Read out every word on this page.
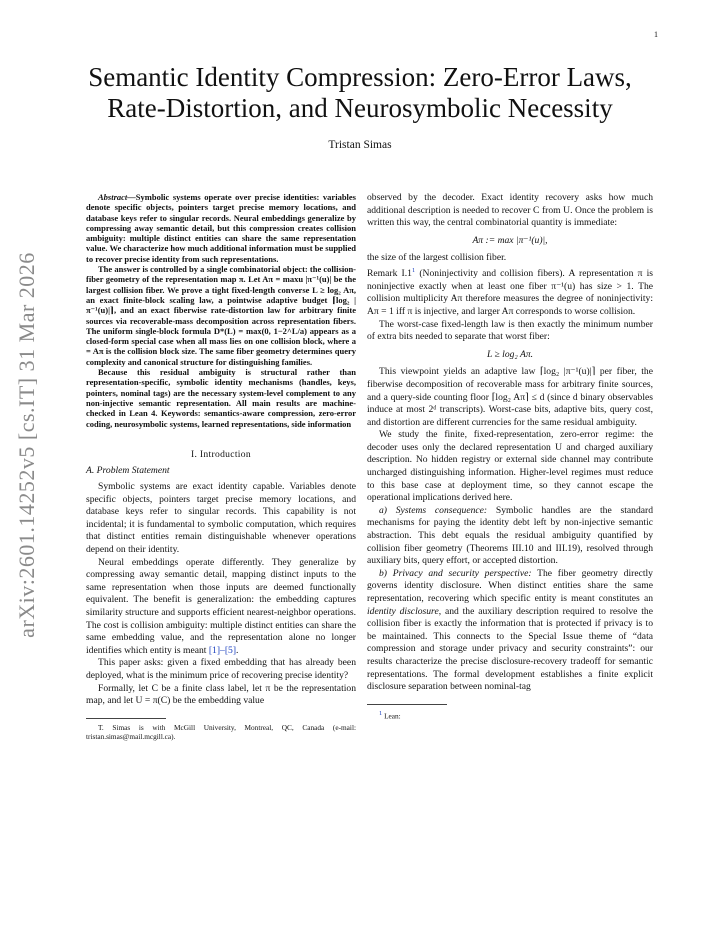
1
arXiv:2601.14252v5 [cs.IT] 31 Mar 2026
Semantic Identity Compression: Zero-Error Laws, Rate-Distortion, and Neurosymbolic Necessity
Tristan Simas

Abstract—Symbolic systems operate over precise identities: variables denote specific objects, pointers target precise memory locations, and database keys refer to singular records. Neural embeddings generalize by compressing away semantic detail, but this compression creates collision ambiguity: multiple distinct entities can share the same representation value. We characterize how much additional information must be supplied to recover precise identity from such representations.

The answer is controlled by a single combinatorial object: the collision-fiber geometry of the representation map π. Let Aπ = maxu |π⁻¹(u)| be the largest collision fiber. We prove a tight fixed-length converse L ≥ log₂ Aπ, an exact finite-block scaling law, a pointwise adaptive budget ⌈log₂ |π⁻¹(u)|⌉, and an exact fiberwise rate-distortion law for arbitrary finite sources via recoverable-mass decomposition across representation fibers. The uniform single-block formula D*(L) = max(0, 1−2^L/a) appears as a closed-form special case when all mass lies on one collision block, where a = Aπ is the collision block size. The same fiber geometry determines query complexity and canonical structure for distinguishing families.

Because this residual ambiguity is structural rather than representation-specific, symbolic identity mechanisms (handles, keys, pointers, nominal tags) are the necessary system-level complement to any non-injective semantic representation. All main results are machine-checked in Lean 4. Keywords: semantics-aware compression, zero-error coding, neurosymbolic systems, learned representations, side information

I. Introduction

A. Problem Statement

Symbolic systems are exact identity capable. Variables denote specific objects, pointers target precise memory locations, and database keys refer to singular records. This capability is not incidental; it is fundamental to symbolic computation, which requires that distinct entities remain distinguishable whenever operations depend on their identity.

Neural embeddings operate differently. They generalize by compressing away semantic detail, mapping distinct inputs to the same representation when those inputs are deemed functionally equivalent. The benefit is generalization: the embedding captures similarity structure and supports efficient nearest-neighbor operations. The cost is collision ambiguity: multiple distinct entities can share the same embedding value, and the representation alone no longer identifies which entity is meant [1]–[5].

This paper asks: given a fixed embedding that has already been deployed, what is the minimum price of recovering precise identity?

Formally, let C be a finite class label, let π be the representation map, and let U = π(C) be the embedding value

T. Simas is with McGill University, Montreal, QC, Canada (e-mail: tristan.simas@mail.mcgill.ca).

observed by the decoder. Exact identity recovery asks how much additional description is needed to recover C from U. Once the problem is written this way, the central combinatorial quantity is immediate:

Aπ := max |π⁻¹(u)|,

the size of the largest collision fiber.

Remark $I.1^1$ (Noninjectivity and collision fibers). A representation π is noninjective exactly when at least one fiber π⁻¹(u) has size > 1. The collision multiplicity Aπ therefore measures the degree of noninjectivity: Aπ = 1 iff π is injective, and larger Aπ corresponds to worse collision.

The worst-case fixed-length law is then exactly the minimum number of extra bits needed to separate that worst fiber:

L ≥ log₂ Aπ.

This viewpoint yields an adaptive law ⌈log₂ |π⁻¹(u)|⌉ per fiber, the fiberwise decomposition of recoverable mass for arbitrary finite sources, and a query-side counting floor ⌈log₂ Aπ⌉ ≤ d (since d binary observables induce at most 2ᵈ transcripts). Worst-case bits, adaptive bits, query cost, and distortion are different currencies for the same residual ambiguity.

We study the finite, fixed-representation, zero-error regime: the decoder uses only the declared representation U and charged auxiliary description. No hidden registry or external side channel may contribute uncharged distinguishing information. Higher-level regimes must reduce to this base case at deployment time, so they cannot escape the operational implications derived here.

a) Systems consequence: Symbolic handles are the standard mechanisms for paying the identity debt left by non-injective semantic abstraction. This debt equals the residual ambiguity quantified by collision fiber geometry (Theorems III.10 and III.19), resolved through auxiliary bits, query effort, or accepted distortion.

b) Privacy and security perspective: The fiber geometry directly governs identity disclosure. When distinct entities share the same representation, recovering which specific entity is meant constitutes an identity disclosure, and the auxiliary description required to resolve the collision fiber is exactly the information that is protected if privacy is to be maintained. This connects to the Special Issue theme of “data compression and storage under privacy and security constraints”: our results characterize the precise disclosure-recovery tradeoff for semantic representations. The formal development establishes a finite explicit disclosure separation between nominal-tag

1 Lean:
